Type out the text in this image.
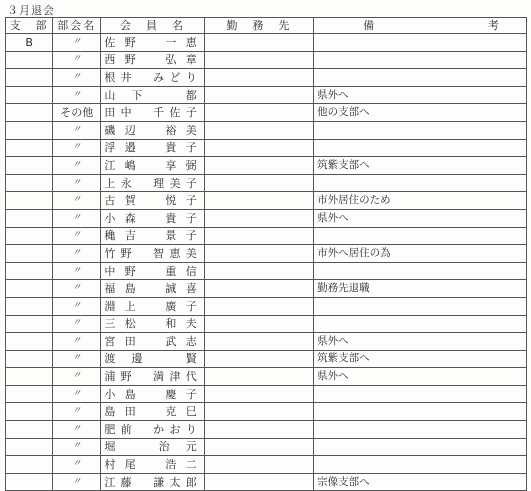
３月退会
支　部	部会名	会　員　名	勤　務　先	備 考

B	〃	佐野　一恵		
	〃	西野　弘章		
	〃	根井　みどり		
	〃	山下　都		県外へ
	その他	田中　千佐子		他の支部へ
	〃	磯辺　裕美		
	〃	浮邉　貴子		
	〃	江嶋　享弼		筑紫支部へ
	〃	上永　理美子		
	〃	古賀　悦子		市外居住のため
	〃	小森　貴子		県外へ
	〃	穐吉　景子		
	〃	竹野　智恵美		市外へ居住の為
	〃	中野　重信		
	〃	福島　誠喜		勤務先退職
	〃	淵上　廣子		
	〃	三松　和夫		
	〃	宮田　武志		県外へ
	〃	渡邊　賢		筑紫支部へ
	〃	浦野　満津代		県外へ
	〃	小島　慶子		
	〃	島田　克巳		
	〃	肥前　かおり		
	〃	堀　治元		
	〃	村尾　浩二		
	〃	江藤　謙太郎		宗像支部へ
